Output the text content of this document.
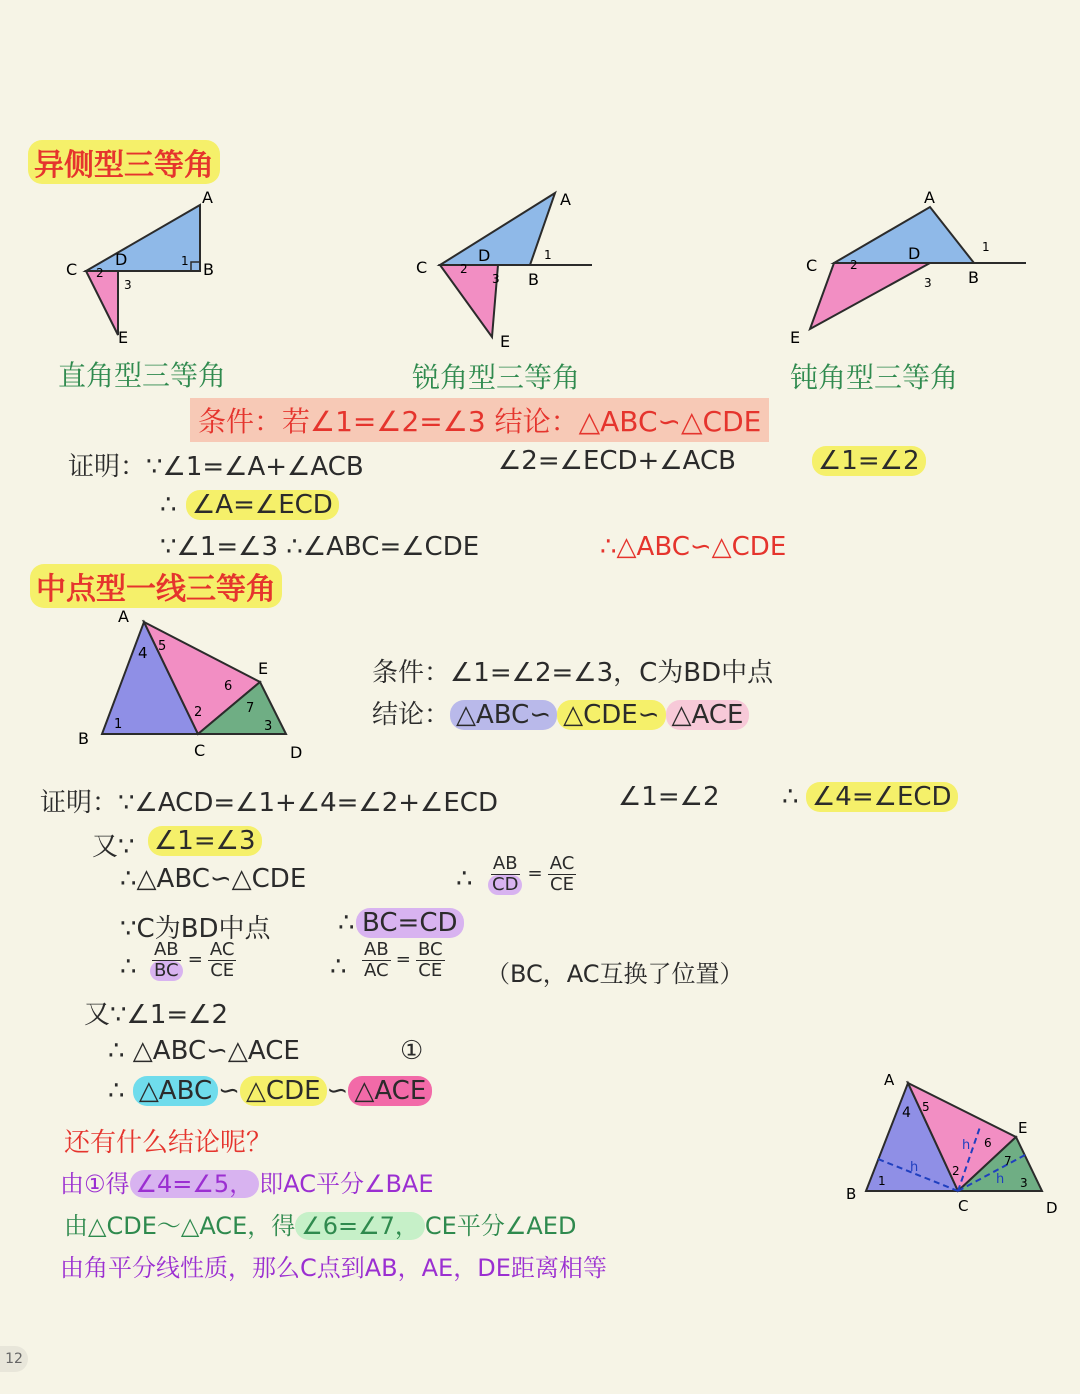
异侧型三等角
A
B
C
D
E
1
2
3
直角型三等角
A
B
C
D
E
1
2
3
锐角型三等角
A
B
C
D
E
1
2
3
钝角型三等角
条件：若∠1=∠2=∠3 结论：△ABC∽△CDE
证明：∵∠1=∠A+∠ACB	∠2=∠ECD+∠ACB	∠1=∠2
∴ ∠A=∠ECD
∵∠1=∠3 ∴∠ABC=∠CDE	∴△ABC∽△CDE
中点型一线三等角
A
B
C	D
E
1
2
3
4 5
6
7
条件：∠1=∠2=∠3，C为BD中点
结论： △ABC∽ △CDE∽ △ACE
证明：∵∠ACD=∠1+∠4=∠2+∠ECD	∠1=∠2 ∴ ∠4=∠ECD
又∵ ∠1=∠3
∴△ABC∽△CDE	∴ $\frac{AB}{CD} = \frac{AC}{CE}$
∵C为BD中点	∴ BC=CD
∴ $\frac{AB}{BC} = \frac{AC}{CE}$	∴ $\frac{AB}{AC} = \frac{BC}{CE} (BC$，AC互换了位置）
又∵∠1=∠2
∴ △ABC∽△ACE	①
∴ △ABC ∽ △CDE ∽ △ACE
还有什么结论呢？
由①得 ∠4=∠5， 即AC平分∠BAE
由△CDE～△ACE，得 ∠6=∠7， CE平分∠AED
由角平分线性质，那么C点到AB，AE，DE距离相等
A
B
C	D
E
1
2
3
4 5
6
7
h
h
h
12
